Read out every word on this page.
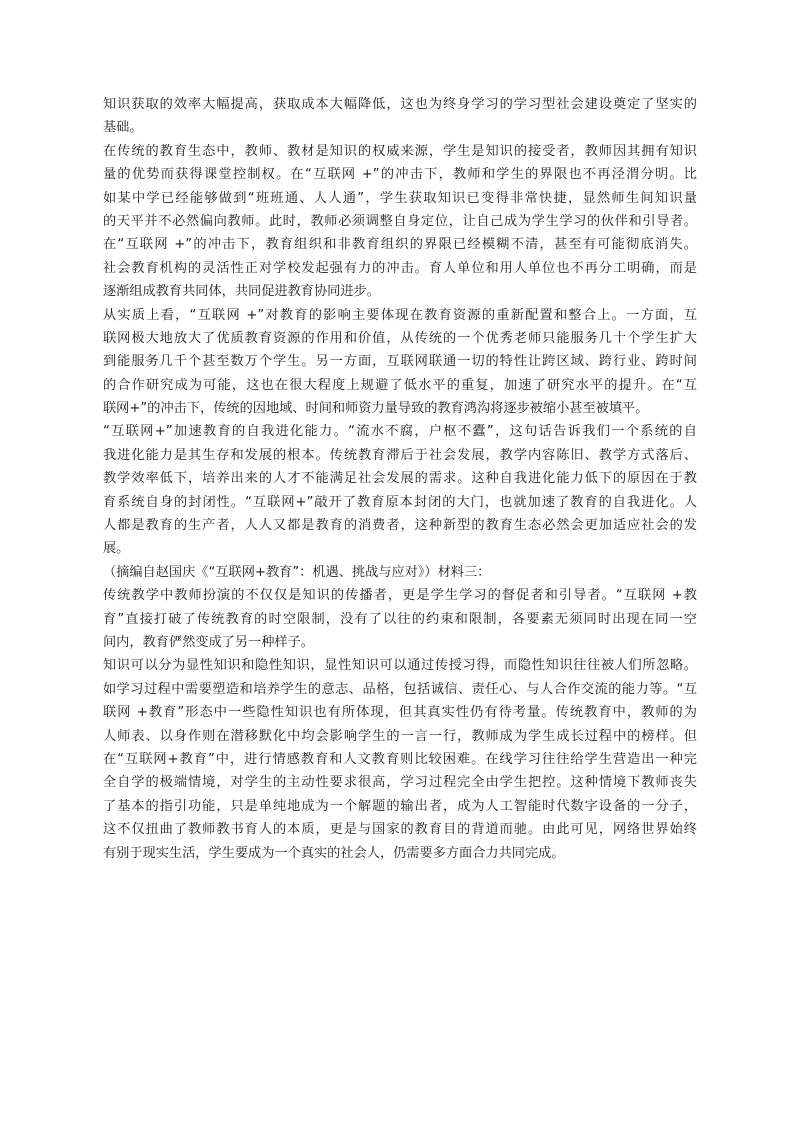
知识获取的效率大幅提高，获取成本大幅降低，这也为终身学习的学习型社会建设奠定了坚实的
基础。
在传统的教育生态中，教师、教材是知识的权威来源，学生是知识的接受者，教师因其拥有知识
量的优势而获得课堂控制权。在“互联网 +”的冲击下，教师和学生的界限也不再泾渭分明。比
如某中学已经能够做到“班班通、人人通”，学生获取知识已变得非常快捷，显然师生间知识量
的天平并不必然偏向教师。此时，教师必须调整自身定位，让自己成为学生学习的伙伴和引导者。
在“互联网 +”的冲击下，教育组织和非教育组织的界限已经模糊不清，甚至有可能彻底消失。
社会教育机构的灵活性正对学校发起强有力的冲击。育人单位和用人单位也不再分工明确，而是
逐渐组成教育共同体，共同促进教育协同进步。
从实质上看，“互联网 +”对教育的影响主要体现在教育资源的重新配置和整合上。一方面，互
联网极大地放大了优质教育资源的作用和价值，从传统的一个优秀老师只能服务几十个学生扩大
到能服务几千个甚至数万个学生。另一方面，互联网联通一切的特性让跨区域、跨行业、跨时间
的合作研究成为可能，这也在很大程度上规避了低水平的重复，加速了研究水平的提升。在“互
联网+”的冲击下，传统的因地域、时间和师资力量导致的教育鸿沟将逐步被缩小甚至被填平。
“互联网+”加速教育的自我进化能力。“流水不腐，户枢不蠹”，这句话告诉我们一个系统的自
我进化能力是其生存和发展的根本。传统教育滞后于社会发展，教学内容陈旧、教学方式落后、
教学效率低下，培养出来的人才不能满足社会发展的需求。这种自我进化能力低下的原因在于教
育系统自身的封闭性。“互联网+”敲开了教育原本封闭的大门，也就加速了教育的自我进化。人
人都是教育的生产者，人人又都是教育的消费者，这种新型的教育生态必然会更加适应社会的发
展。
（摘编自赵国庆《“互联网+教育”：机遇、挑战与应对》）材料三：
传统教学中教师扮演的不仅仅是知识的传播者，更是学生学习的督促者和引导者。“互联网 +教
育”直接打破了传统教育的时空限制，没有了以往的约束和限制，各要素无须同时出现在同一空
间内，教育俨然变成了另一种样子。
知识可以分为显性知识和隐性知识，显性知识可以通过传授习得，而隐性知识往往被人们所忽略。
如学习过程中需要塑造和培养学生的意志、品格，包括诚信、责任心、与人合作交流的能力等。“互
联网 +教育”形态中一些隐性知识也有所体现，但其真实性仍有待考量。传统教育中，教师的为
人师表、以身作则在潜移默化中均会影响学生的一言一行，教师成为学生成长过程中的榜样。但
在“互联网+教育”中，进行情感教育和人文教育则比较困难。在线学习往往给学生营造出一种完
全自学的极端情境，对学生的主动性要求很高，学习过程完全由学生把控。这种情境下教师丧失
了基本的指引功能，只是单纯地成为一个解题的输出者，成为人工智能时代数字设备的一分子，
这不仅扭曲了教师教书育人的本质，更是与国家的教育目的背道而驰。由此可见，网络世界始终
有别于现实生活，学生要成为一个真实的社会人，仍需要多方面合力共同完成。
